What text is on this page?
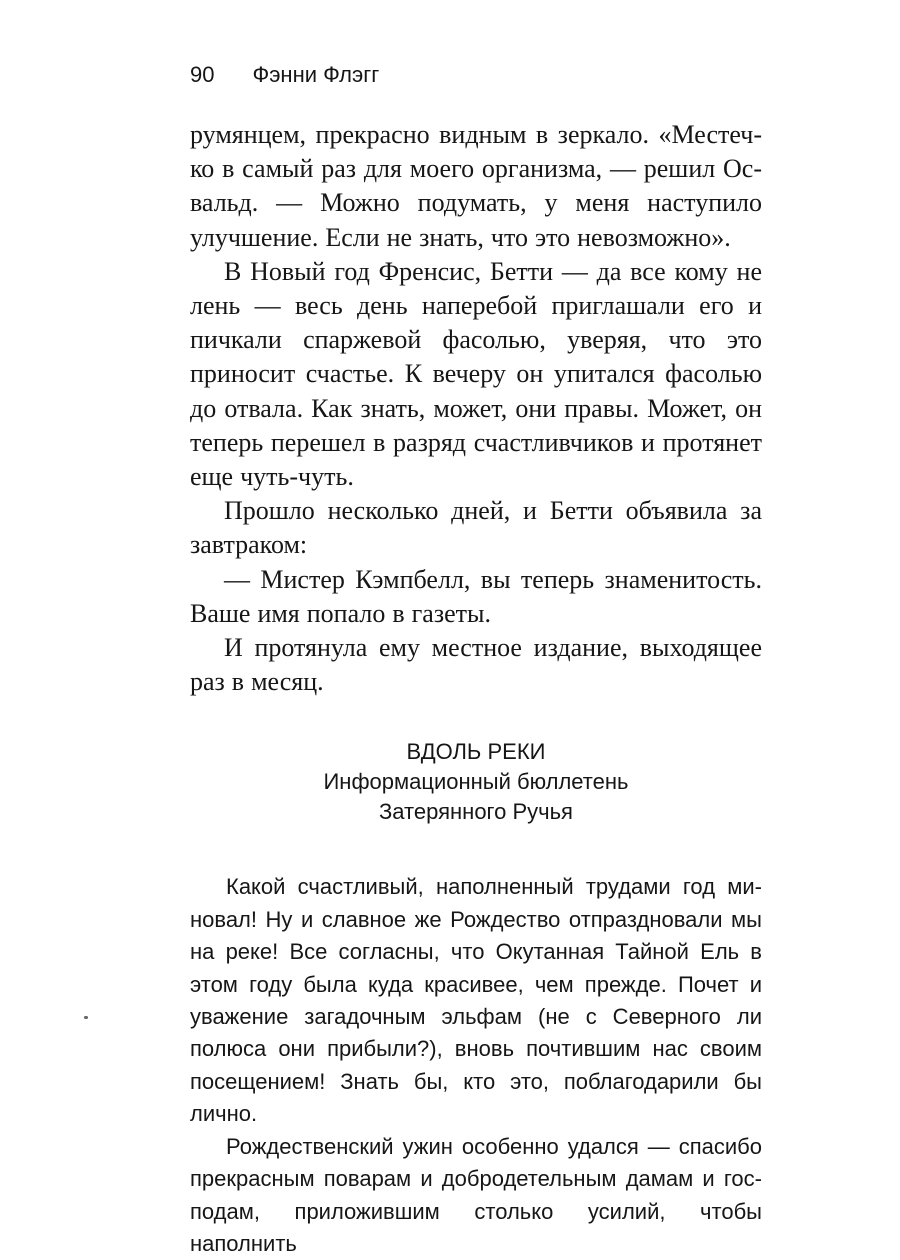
90 Фэнни Флэгг

румянцем, прекрасно видным в зеркало. «Местечко в самый раз для моего организма, — решил Освальд. — Можно подумать, у меня наступило улучшение. Если не знать, что это невозможно».

В Новый год Френсис, Бетти — да все кому не лень — весь день наперебой приглашали его и пичкали спаржевой фасолью, уверяя, что это приносит счастье. К вечеру он упитался фасолью до отвала. Как знать, может, они правы. Может, он теперь перешел в разряд счастливчиков и протянет еще чуть-чуть.

Прошло несколько дней, и Бетти объявила за завтраком:

— Мистер Кэмпбелл, вы теперь знаменитость. Ваше имя попало в газеты.

И протянула ему местное издание, выходящее раз в месяц.

ВДОЛЬ РЕКИ
Информационный бюллетень
Затерянного Ручья

Какой счастливый, наполненный трудами год миновал! Ну и славное же Рождество отпраздновали мы на реке! Все согласны, что Окутанная Тайной Ель в этом году была куда красивее, чем прежде. Почет и уважение загадочным эльфам (не с Северного ли полюса они прибыли?), вновь почтившим нас своим посещением! Знать бы, кто это, поблагодарили бы лично.

Рождественский ужин особенно удался — спасибо прекрасным поварам и добродетельным дамам и господам, приложившим столько усилий, чтобы наполнить
